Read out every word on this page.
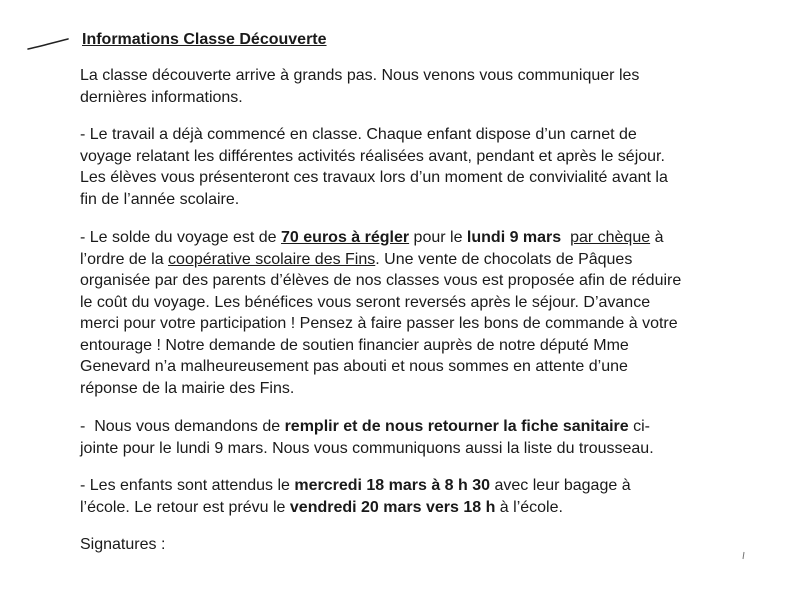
Informations Classe Découverte
La classe découverte arrive à grands pas. Nous venons vous communiquer les
dernières informations.
- Le travail a déjà commencé en classe. Chaque enfant dispose d’un carnet de
voyage relatant les différentes activités réalisées avant, pendant et après le séjour.
Les élèves vous présenteront ces travaux lors d’un moment de convivialité avant la
fin de l’année scolaire.
- Le solde du voyage est de 70 euros à régler pour le lundi 9 mars par chèque à
l’ordre de la coopérative scolaire des Fins. Une vente de chocolats de Pâques
organisée par des parents d’élèves de nos classes vous est proposée afin de réduire
le coût du voyage. Les bénéfices vous seront reversés après le séjour. D’avance
merci pour votre participation ! Pensez à faire passer les bons de commande à votre
entourage ! Notre demande de soutien financier auprès de notre député Mme
Genevard n’a malheureusement pas abouti et nous sommes en attente d’une
réponse de la mairie des Fins.
-  Nous vous demandons de remplir et de nous retourner la fiche sanitaire ci-
jointe pour le lundi 9 mars. Nous vous communiquons aussi la liste du trousseau.
- Les enfants sont attendus le mercredi 18 mars à 8 h 30 avec leur bagage à
l’école. Le retour est prévu le vendredi 20 mars vers 18 h à l’école.
Signatures :
